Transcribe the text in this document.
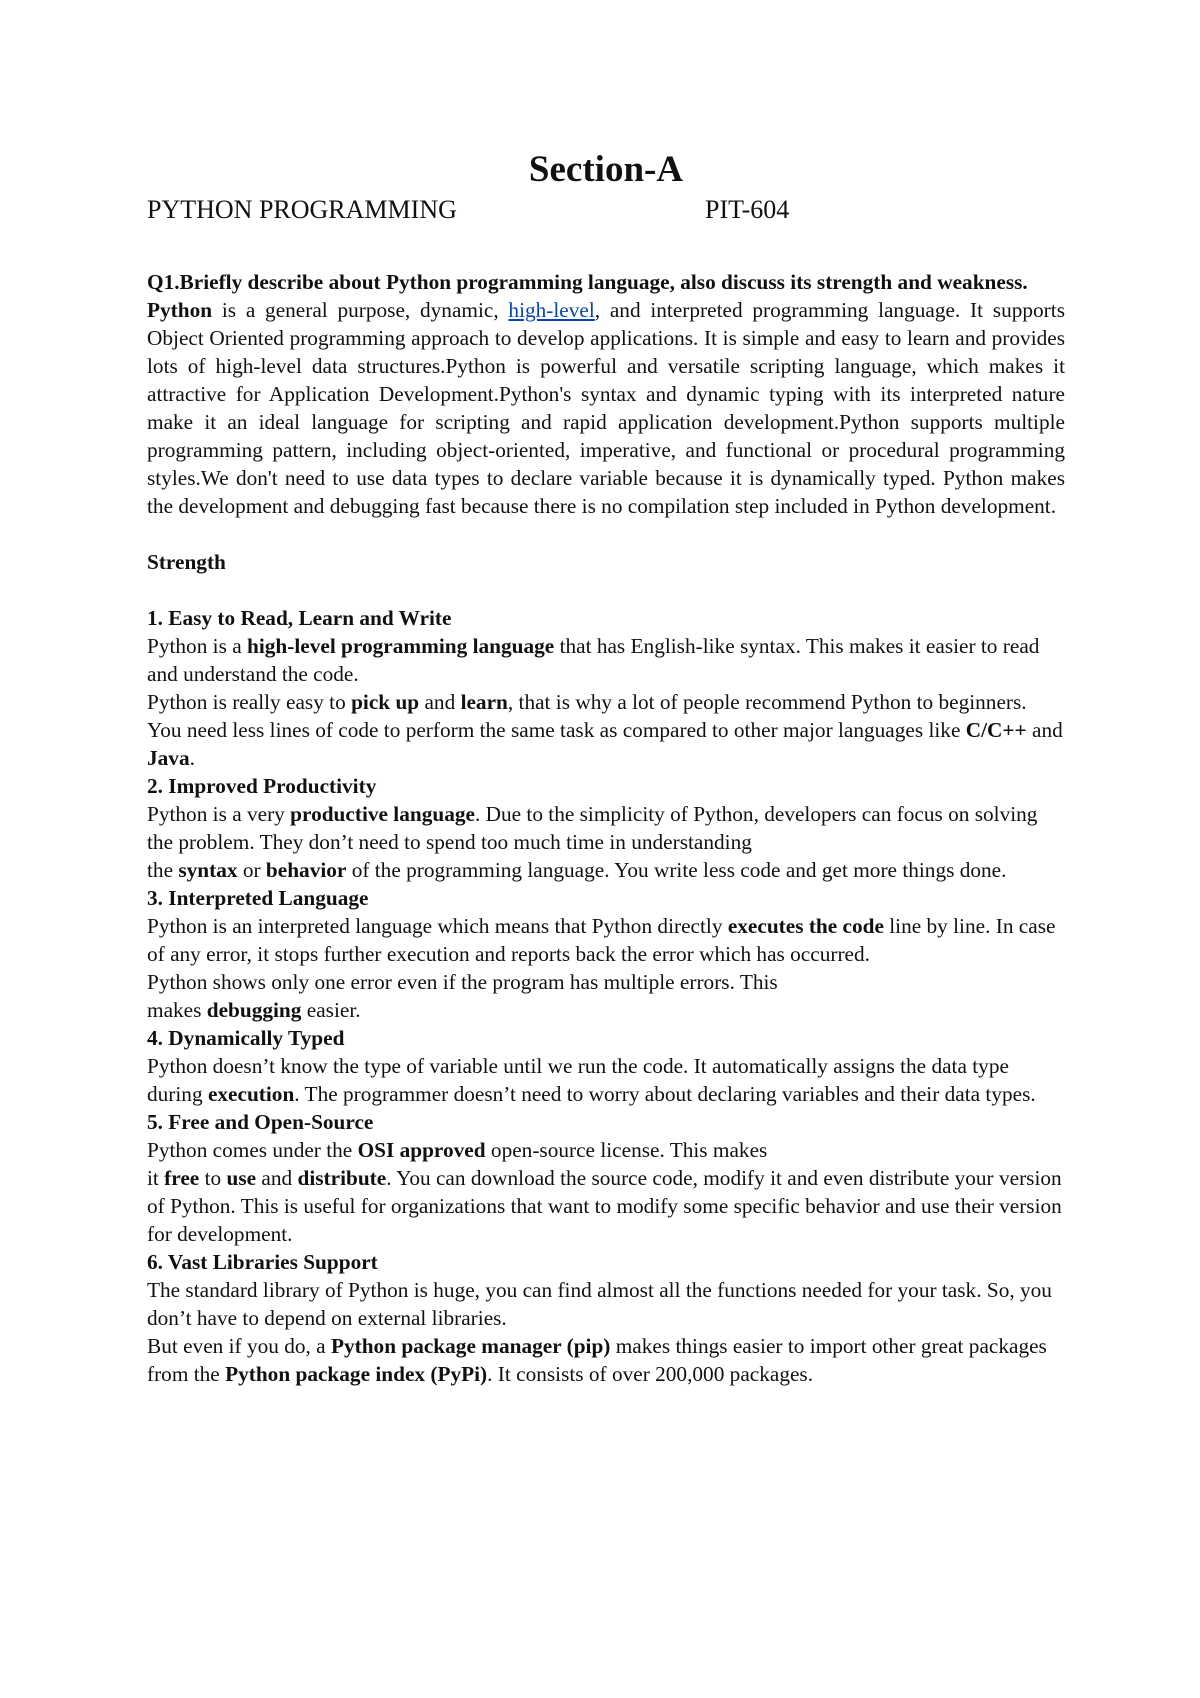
Section-A
PYTHON PROGRAMMING	PIT-604

Q1.Briefly describe about Python programming language, also discuss its strength and weakness.

Python is a general purpose, dynamic, high-level, and interpreted programming language. It supports Object Oriented programming approach to develop applications. It is simple and easy to learn and provides lots of high-level data structures.Python is powerful and versatile scripting language, which makes it attractive for Application Development.Python's syntax and dynamic typing with its interpreted nature make it an ideal language for scripting and rapid application development.Python supports multiple programming pattern, including object-oriented, imperative, and functional or procedural programming styles.We don't need to use data types to declare variable because it is dynamically typed. Python makes the development and debugging fast because there is no compilation step included in Python development.

Strength

1. Easy to Read, Learn and Write

Python is a high-level programming language that has English-like syntax. This makes it easier to read and understand the code.

Python is really easy to pick up and learn, that is why a lot of people recommend Python to beginners. You need less lines of code to perform the same task as compared to other major languages like C/C++ and Java.

2. Improved Productivity

Python is a very productive language. Due to the simplicity of Python, developers can focus on solving the problem. They don’t need to spend too much time in understanding

the syntax or behavior of the programming language. You write less code and get more things done.

3. Interpreted Language

Python is an interpreted language which means that Python directly executes the code line by line. In case of any error, it stops further execution and reports back the error which has occurred.

Python shows only one error even if the program has multiple errors. This

makes debugging easier.

4. Dynamically Typed

Python doesn’t know the type of variable until we run the code. It automatically assigns the data type during execution. The programmer doesn’t need to worry about declaring variables and their data types.

5. Free and Open-Source

Python comes under the OSI approved open-source license. This makes

it free to use and distribute. You can download the source code, modify it and even distribute your version of Python. This is useful for organizations that want to modify some specific behavior and use their version for development.

6. Vast Libraries Support

The standard library of Python is huge, you can find almost all the functions needed for your task. So, you don’t have to depend on external libraries.

But even if you do, a Python package manager (pip) makes things easier to import other great packages from the Python package index (PyPi). It consists of over 200,000 packages.
